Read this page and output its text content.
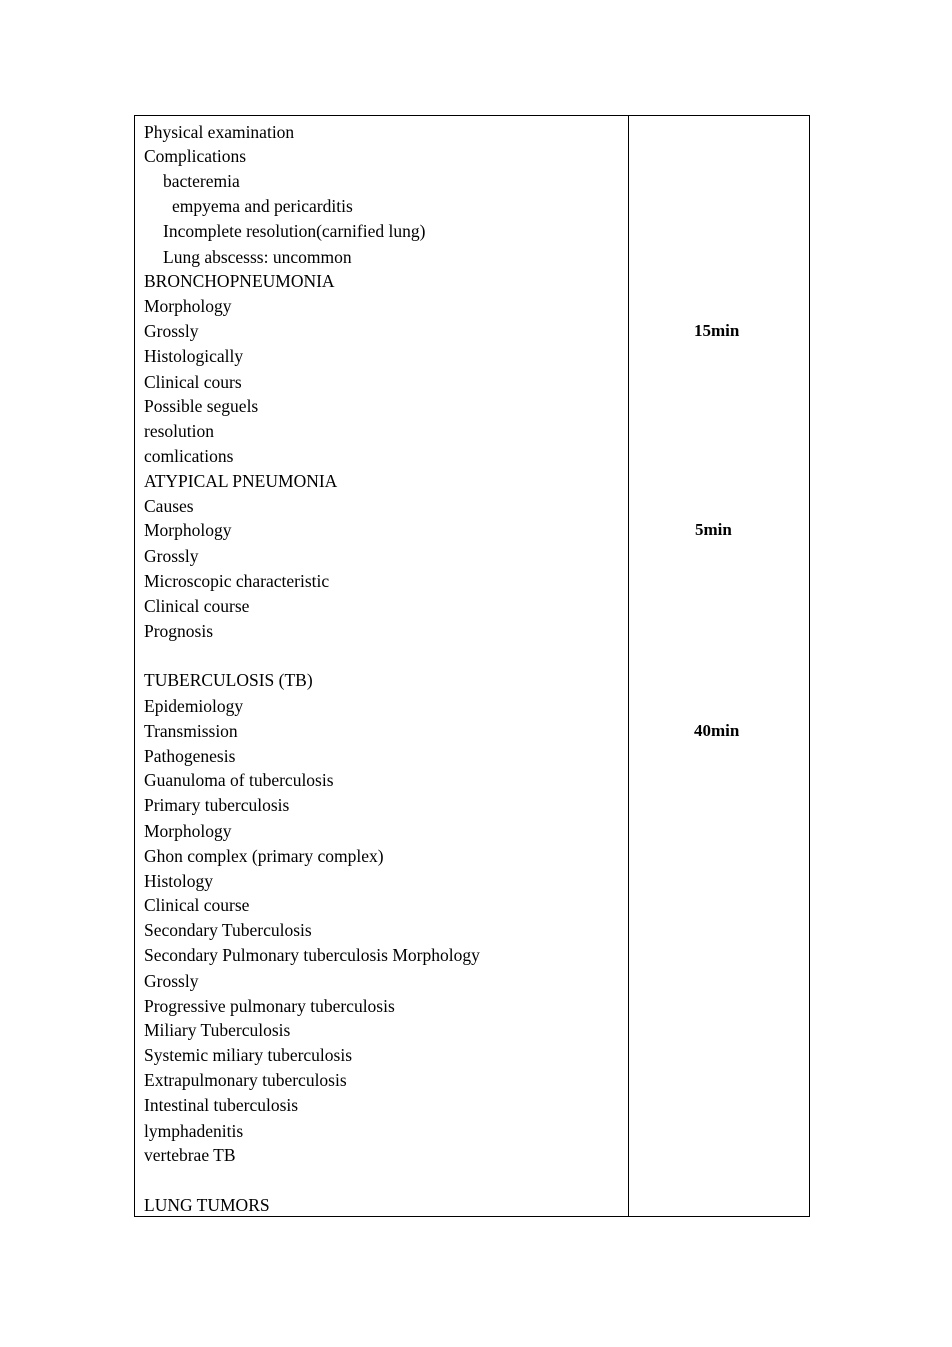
Physical examination
Complications
bacteremia
empyema and pericarditis
Incomplete resolution(carnified lung)
Lung abscesss: uncommon
BRONCHOPNEUMONIA
Morphology
Grossly
Histologically
Clinical cours
Possible seguels
resolution
comlications
ATYPICAL PNEUMONIA
Causes
Morphology
Grossly
Microscopic characteristic
Clinical course
Prognosis
TUBERCULOSIS (TB)
Epidemiology
Transmission
Pathogenesis
Guanuloma of tuberculosis
Primary tuberculosis
Morphology
Ghon complex (primary complex)
Histology
Clinical course
Secondary Tuberculosis
Secondary Pulmonary tuberculosis Morphology
Grossly
Progressive pulmonary tuberculosis
Miliary Tuberculosis
Systemic miliary tuberculosis
Extrapulmonary tuberculosis
Intestinal tuberculosis
lymphadenitis
vertebrae TB
LUNG TUMORS
15min
5min
40min
